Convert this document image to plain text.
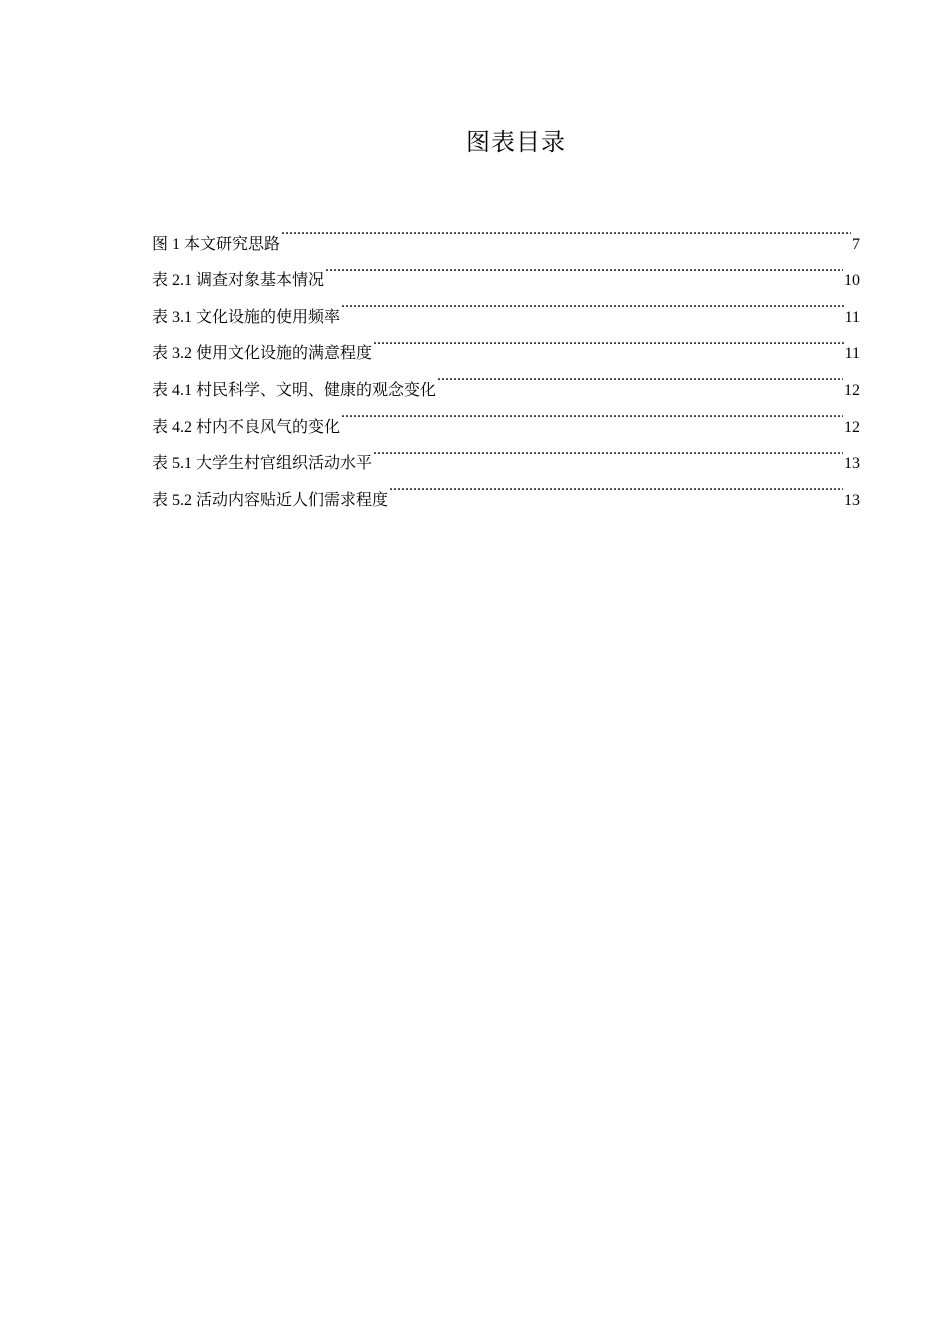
图表目录
图 1 本文研究思路 .....	7
表 2.1 调查对象基本情况 .....	10
表 3.1 文化设施的使用频率 .....	11
表 3.2 使用文化设施的满意程度 .....	11
表 4.1 村民科学、文明、健康的观念变化 .....	12
表 4.2 村内不良风气的变化 .....	12
表 5.1 大学生村官组织活动水平 .....	13
表 5.2 活动内容贴近人们需求程度 .....	13
